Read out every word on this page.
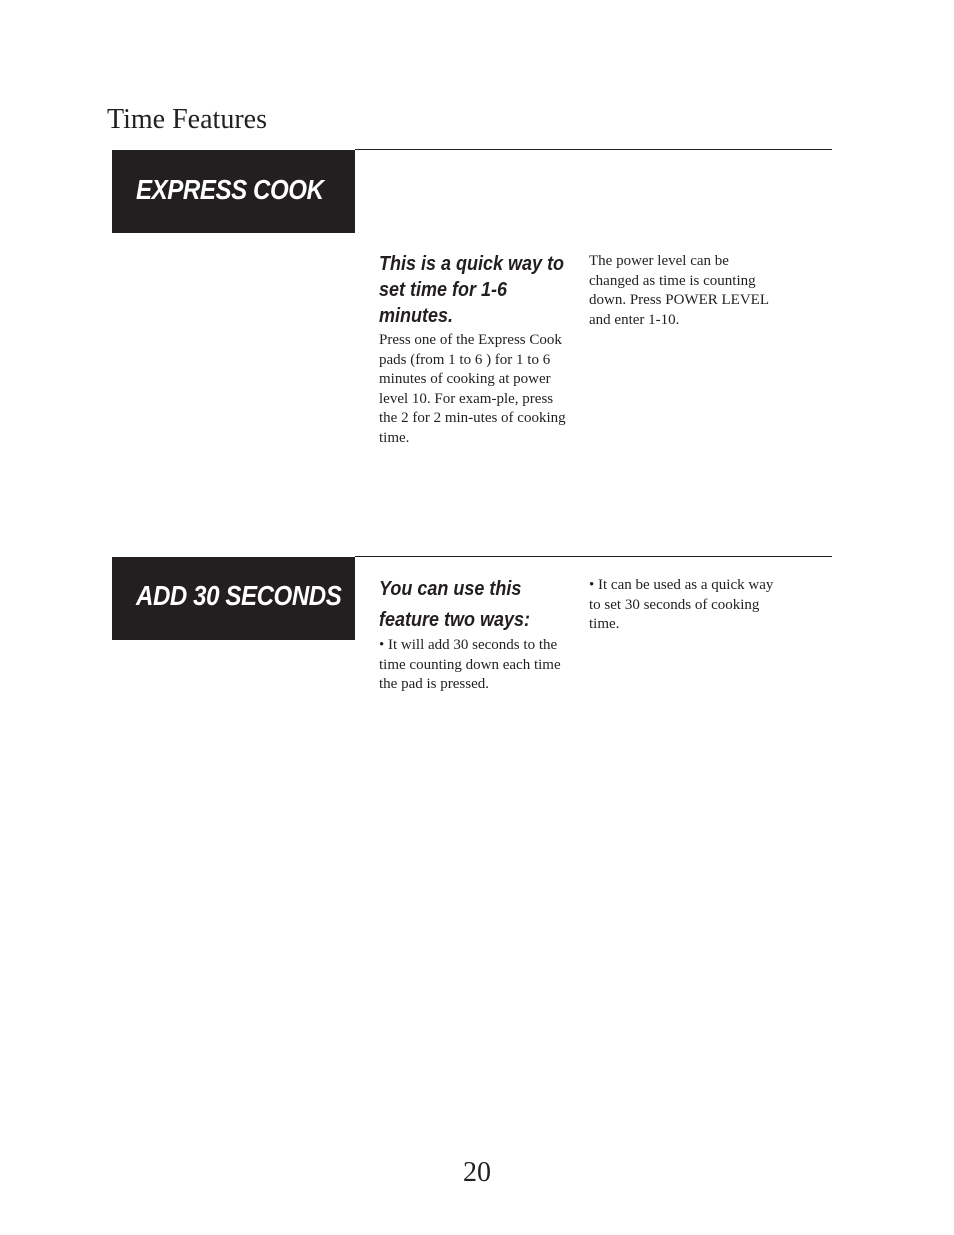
Time Features
EXPRESS COOK

This is a quick way to set time for 1-6 minutes.

Press one of the Express Cook pads (from 1 to 6 ) for 1 to 6 minutes of cooking at power level 10. For exam-ple, press the 2 for 2 min-utes of cooking time.

The power level can be changed as time is counting down. Press POWER LEVEL and enter 1-10.

ADD 30 SECONDS	You can use this feature two ways:

• It will add 30 seconds to the time counting down each time the pad is pressed.

• It can be used as a quick way to set 30 seconds of cooking time.

20
